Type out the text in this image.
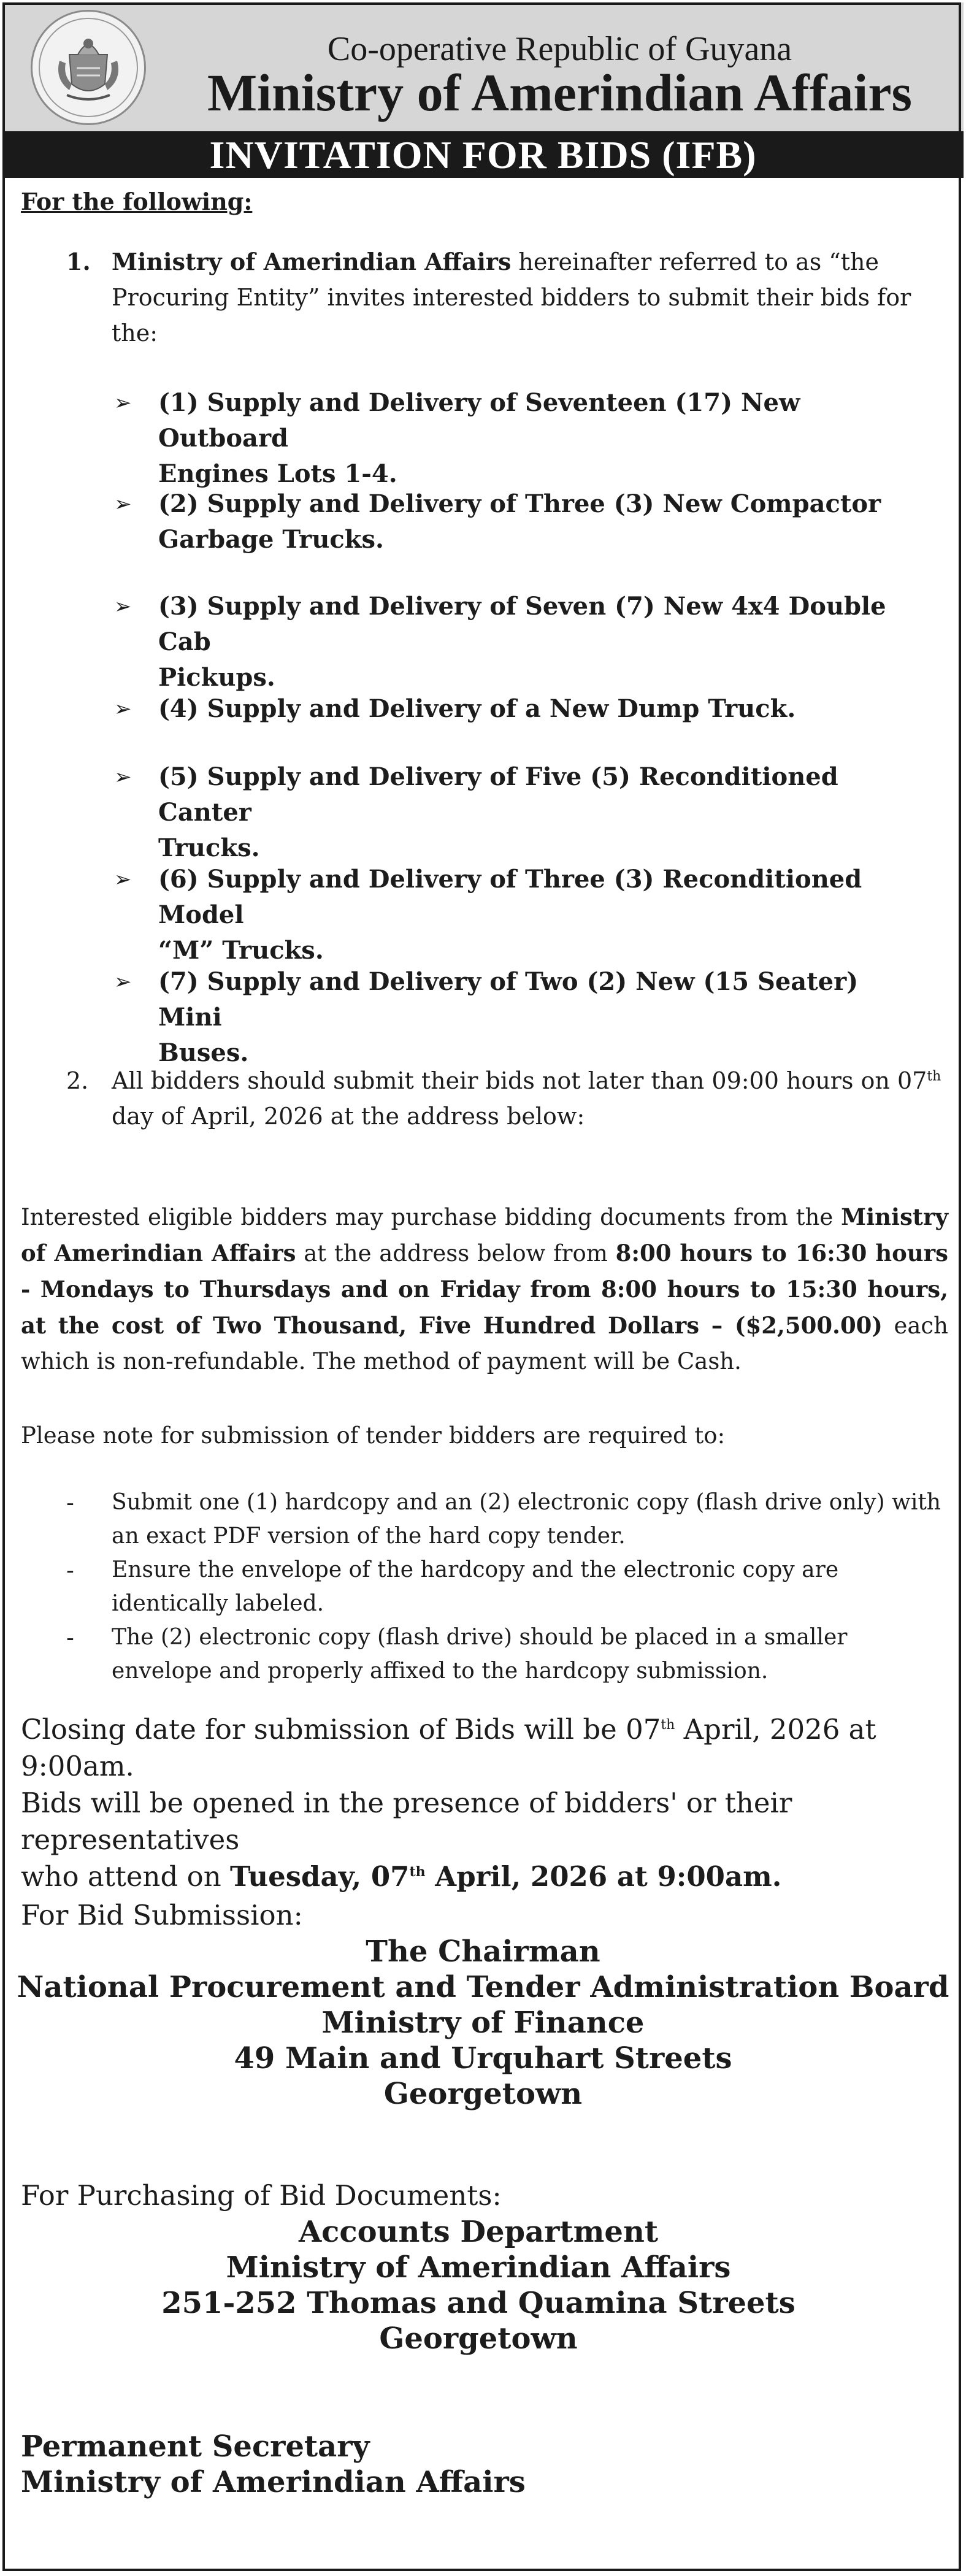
Co-operative Republic of Guyana
Ministry of Amerindian Affairs
INVITATION FOR BIDS (IFB)
For the following:
1. Ministry of Amerindian Affairs hereinafter referred to as “the
Procuring Entity” invites interested bidders to submit their bids for the:
➢ (1) Supply and Delivery of Seventeen (17) New Outboard
Engines Lots 1-4.
➢ (2) Supply and Delivery of Three (3) New Compactor
Garbage Trucks.
➢ (3) Supply and Delivery of Seven (7) New 4x4 Double Cab
Pickups.
➢ (4) Supply and Delivery of a New Dump Truck.
➢ (5) Supply and Delivery of Five (5) Reconditioned Canter
Trucks.
➢ (6) Supply and Delivery of Three (3) Reconditioned Model
“M” Trucks.
➢ (7) Supply and Delivery of Two (2) New (15 Seater) Mini
Buses.
2. All bidders should submit their bids not later than 09:00 hours on 07th
day of April, 2026 at the address below:
Interested eligible bidders may purchase bidding documents from the Ministry of Amerindian Affairs at the address below from 8:00 hours to 16:30 hours - Mondays to Thursdays and on Friday from 8:00 hours to 15:30 hours, at the cost of Two Thousand, Five Hundred Dollars – ($2,500.00) each which is non-refundable. The method of payment will be Cash.
Please note for submission of tender bidders are required to:
- Submit one (1) hardcopy and an (2) electronic copy (flash drive only) with an exact PDF version of the hard copy tender.
- Ensure the envelope of the hardcopy and the electronic copy are identically labeled.
- The (2) electronic copy (flash drive) should be placed in a smaller envelope and properly affixed to the hardcopy submission.
Closing date for submission of Bids will be 07th April, 2026 at 9:00am.
Bids will be opened in the presence of bidders' or their representatives
who attend on Tuesday, 07th April, 2026 at 9:00am.
For Bid Submission:
The Chairman
National Procurement and Tender Administration Board
Ministry of Finance
49 Main and Urquhart Streets
Georgetown
For Purchasing of Bid Documents:
Accounts Department
Ministry of Amerindian Affairs
251-252 Thomas and Quamina Streets
Georgetown
Permanent Secretary
Ministry of Amerindian Affairs
